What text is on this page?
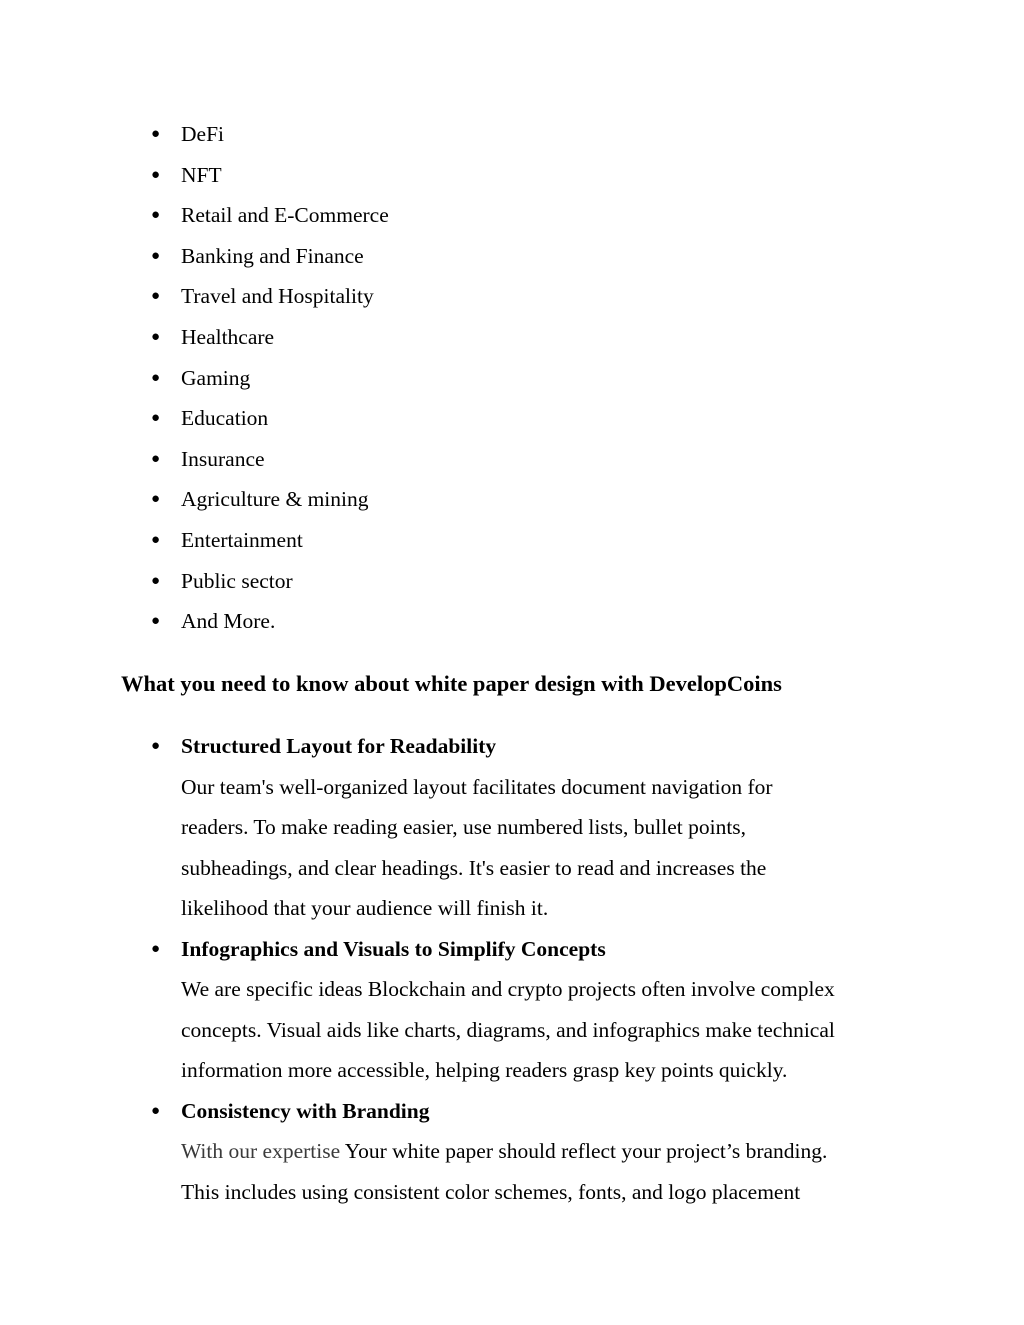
● DeFi
● NFT
● Retail and E-Commerce
● Banking and Finance
● Travel and Hospitality
● Healthcare
● Gaming
● Education
● Insurance
● Agriculture & mining
● Entertainment
● Public sector
● And More.
What you need to know about white paper design with DevelopCoins
● Structured Layout for Readability
Our team's well-organized layout facilitates document navigation for
readers. To make reading easier, use numbered lists, bullet points,
subheadings, and clear headings. It's easier to read and increases the
likelihood that your audience will finish it.
● Infographics and Visuals to Simplify Concepts
We are specific ideas Blockchain and crypto projects often involve complex
concepts. Visual aids like charts, diagrams, and infographics make technical
information more accessible, helping readers grasp key points quickly.
● Consistency with Branding
With our expertise Your white paper should reflect your project’s branding.
This includes using consistent color schemes, fonts, and logo placement
